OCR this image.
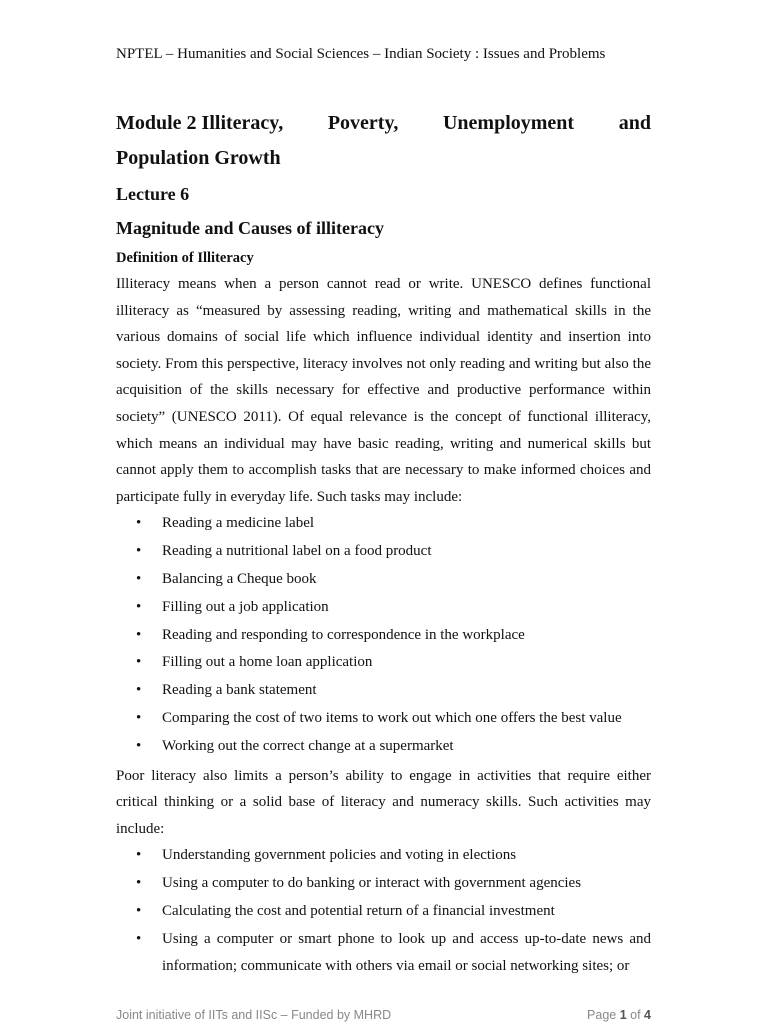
NPTEL – Humanities and Social Sciences – Indian Society : Issues and Problems
Module 2 Illiteracy, Poverty, Unemployment and
Population Growth
Lecture 6
Magnitude and Causes of illiteracy
Definition of Illiteracy

Illiteracy means when a person cannot read or write. UNESCO defines functional illiteracy as “measured by assessing reading, writing and mathematical skills in the various domains of social life which influence individual identity and insertion into society. From this perspective, literacy involves not only reading and writing but also the acquisition of the skills necessary for effective and productive performance within society” (UNESCO 2011). Of equal relevance is the concept of functional illiteracy, which means an individual may have basic reading, writing and numerical skills but cannot apply them to accomplish tasks that are necessary to make informed choices and participate fully in everyday life. Such tasks may include:

• Reading a medicine label
• Reading a nutritional label on a food product
• Balancing a Cheque book
• Filling out a job application
• Reading and responding to correspondence in the workplace
• Filling out a home loan application
• Reading a bank statement
• Comparing the cost of two items to work out which one offers the best value
• Working out the correct change at a supermarket

Poor literacy also limits a person’s ability to engage in activities that require either critical thinking or a solid base of literacy and numeracy skills. Such activities may include:

• Understanding government policies and voting in elections
• Using a computer to do banking or interact with government agencies
• Calculating the cost and potential return of a financial investment
• Using a computer or smart phone to look up and access up-to-date news and information; communicate with others via email or social networking sites; or
Joint initiative of IITs and IISc – Funded by MHRD	Page 1 of 4
